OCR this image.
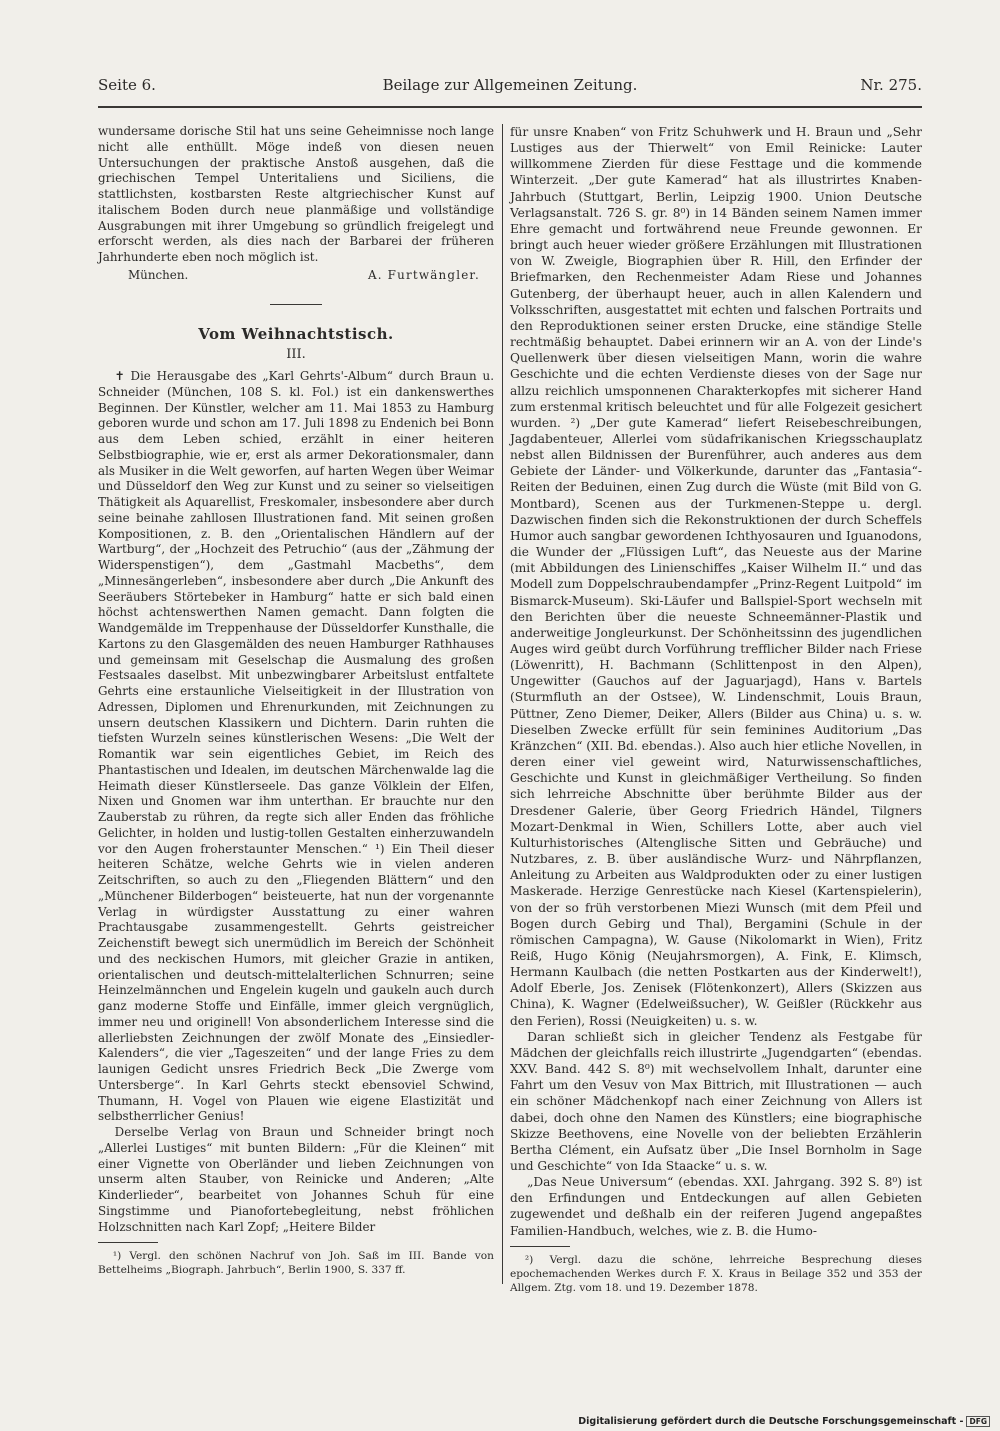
Seite 6.	Beilage zur Allgemeinen Zeitung.	Nr. 275.

wundersame dorische Stil hat uns seine Geheimnisse noch lange nicht alle enthüllt. Möge indeß von diesen neuen Untersuchungen der praktische Anstoß ausgehen, daß die griechischen Tempel Unteritaliens und Siciliens, die stattlichsten, kostbarsten Reste altgriechischer Kunst auf italischem Boden durch neue planmäßige und vollständige Ausgrabungen mit ihrer Umgebung so gründlich freigelegt und erforscht werden, als dies nach der Barbarei der früheren Jahrhunderte eben noch möglich ist.

München.	A. Furtwängler.
Vom Weihnachtstisch.
III.

✝ Die Herausgabe des „Karl Gehrts'-Album“ durch Braun u. Schneider (München, 108 S. kl. Fol.) ist ein dankenswerthes Beginnen. Der Künstler, welcher am 11. Mai 1853 zu Hamburg geboren wurde und schon am 17. Juli 1898 zu Endenich bei Bonn aus dem Leben schied, erzählt in einer heiteren Selbstbiographie, wie er, erst als armer Dekorationsmaler, dann als Musiker in die Welt geworfen, auf harten Wegen über Weimar und Düsseldorf den Weg zur Kunst und zu seiner so vielseitigen Thätigkeit als Aquarellist, Freskomaler, insbesondere aber durch seine beinahe zahllosen Illustrationen fand. Mit seinen großen Kompositionen, z. B. den „Orientalischen Händlern auf der Wartburg“, der „Hochzeit des Petruchio“ (aus der „Zähmung der Widerspenstigen“), dem „Gastmahl Macbeths“, dem „Minnesängerleben“, insbesondere aber durch „Die Ankunft des Seeräubers Störtebeker in Hamburg“ hatte er sich bald einen höchst achtenswerthen Namen gemacht. Dann folgten die Wandgemälde im Treppenhause der Düsseldorfer Kunsthalle, die Kartons zu den Glasgemälden des neuen Hamburger Rathhauses und gemeinsam mit Geselschap die Ausmalung des großen Festsaales daselbst. Mit unbezwingbarer Arbeitslust entfaltete Gehrts eine erstaunliche Vielseitigkeit in der Illustration von Adressen, Diplomen und Ehrenurkunden, mit Zeichnungen zu unsern deutschen Klassikern und Dichtern. Darin ruhten die tiefsten Wurzeln seines künstlerischen Wesens: „Die Welt der Romantik war sein eigentliches Gebiet, im Reich des Phantastischen und Idealen, im deutschen Märchenwalde lag die Heimath dieser Künstlerseele. Das ganze Völklein der Elfen, Nixen und Gnomen war ihm unterthan. Er brauchte nur den Zauberstab zu rühren, da regte sich aller Enden das fröhliche Gelichter, in holden und lustig-tollen Gestalten einherzuwandeln vor den Augen froherstaunter Menschen.“ ¹) Ein Theil dieser heiteren Schätze, welche Gehrts wie in vielen anderen Zeitschriften, so auch zu den „Fliegenden Blättern“ und den „Münchener Bilderbogen“ beisteuerte, hat nun der vorgenannte Verlag in würdigster Ausstattung zu einer wahren Prachtausgabe zusammengestellt. Gehrts geistreicher Zeichenstift bewegt sich unermüdlich im Bereich der Schönheit und des neckischen Humors, mit gleicher Grazie in antiken, orientalischen und deutsch-mittelalterlichen Schnurren; seine Heinzelmännchen und Engelein kugeln und gaukeln auch durch ganz moderne Stoffe und Einfälle, immer gleich vergnüglich, immer neu und originell! Von absonderlichem Interesse sind die allerliebsten Zeichnungen der zwölf Monate des „Einsiedler-Kalenders“, die vier „Tageszeiten“ und der lange Fries zu dem launigen Gedicht unsres Friedrich Beck „Die Zwerge vom Untersberge“. In Karl Gehrts steckt ebensoviel Schwind, Thumann, H. Vogel von Plauen wie eigene Elastizität und selbstherrlicher Genius!

Derselbe Verlag von Braun und Schneider bringt noch „Allerlei Lustiges“ mit bunten Bildern: „Für die Kleinen“ mit einer Vignette von Oberländer und lieben Zeichnungen von unserm alten Stauber, von Reinicke und Anderen; „Alte Kinderlieder“, bearbeitet von Johannes Schuh für eine Singstimme und Pianofortebegleitung, nebst fröhlichen Holzschnitten nach Karl Zopf; „Heitere Bilder

¹) Vergl. den schönen Nachruf von Joh. Saß im III. Bande von Bettelheims „Biograph. Jahrbuch“, Berlin 1900, S. 337 ff.

für unsre Knaben“ von Fritz Schuhwerk und H. Braun und „Sehr Lustiges aus der Thierwelt“ von Emil Reinicke: Lauter willkommene Zierden für diese Festtage und die kommende Winterzeit. „Der gute Kamerad“ hat als illustrirtes Knaben-Jahrbuch (Stuttgart, Berlin, Leipzig 1900. Union Deutsche Verlagsanstalt. 726 S. gr. 8⁰) in 14 Bänden seinem Namen immer Ehre gemacht und fortwährend neue Freunde gewonnen. Er bringt auch heuer wieder größere Erzählungen mit Illustrationen von W. Zweigle, Biographien über R. Hill, den Erfinder der Briefmarken, den Rechenmeister Adam Riese und Johannes Gutenberg, der überhaupt heuer, auch in allen Kalendern und Volksschriften, ausgestattet mit echten und falschen Portraits und den Reproduktionen seiner ersten Drucke, eine ständige Stelle rechtmäßig behauptet. Dabei erinnern wir an A. von der Linde's Quellenwerk über diesen vielseitigen Mann, worin die wahre Geschichte und die echten Verdienste dieses von der Sage nur allzu reichlich umsponnenen Charakterkopfes mit sicherer Hand zum erstenmal kritisch beleuchtet und für alle Folgezeit gesichert wurden. ²) „Der gute Kamerad“ liefert Reisebeschreibungen, Jagdabenteuer, Allerlei vom südafrikanischen Kriegsschauplatz nebst allen Bildnissen der Burenführer, auch anderes aus dem Gebiete der Länder- und Völkerkunde, darunter das „Fantasia“-Reiten der Beduinen, einen Zug durch die Wüste (mit Bild von G. Montbard), Scenen aus der Turkmenen-Steppe u. dergl. Dazwischen finden sich die Rekonstruktionen der durch Scheffels Humor auch sangbar gewordenen Ichthyosauren und Iguanodons, die Wunder der „Flüssigen Luft“, das Neueste aus der Marine (mit Abbildungen des Linienschiffes „Kaiser Wilhelm II.“ und das Modell zum Doppelschraubendampfer „Prinz-Regent Luitpold“ im Bismarck-Museum). Ski-Läufer und Ballspiel-Sport wechseln mit den Berichten über die neueste Schneemänner-Plastik und anderweitige Jongleurkunst. Der Schönheitssinn des jugendlichen Auges wird geübt durch Vorführung trefflicher Bilder nach Friese (Löwenritt), H. Bachmann (Schlittenpost in den Alpen), Ungewitter (Gauchos auf der Jaguarjagd), Hans v. Bartels (Sturmfluth an der Ostsee), W. Lindenschmit, Louis Braun, Püttner, Zeno Diemer, Deiker, Allers (Bilder aus China) u. s. w. Dieselben Zwecke erfüllt für sein feminines Auditorium „Das Kränzchen“ (XII. Bd. ebendas.). Also auch hier etliche Novellen, in deren einer viel geweint wird, Naturwissenschaftliches, Geschichte und Kunst in gleichmäßiger Vertheilung. So finden sich lehrreiche Abschnitte über berühmte Bilder aus der Dresdener Galerie, über Georg Friedrich Händel, Tilgners Mozart-Denkmal in Wien, Schillers Lotte, aber auch viel Kulturhistorisches (Altenglische Sitten und Gebräuche) und Nutzbares, z. B. über ausländische Wurz- und Nährpflanzen, Anleitung zu Arbeiten aus Waldprodukten oder zu einer lustigen Maskerade. Herzige Genrestücke nach Kiesel (Kartenspielerin), von der so früh verstorbenen Miezi Wunsch (mit dem Pfeil und Bogen durch Gebirg und Thal), Bergamini (Schule in der römischen Campagna), W. Gause (Nikolomarkt in Wien), Fritz Reiß, Hugo König (Neujahrsmorgen), A. Fink, E. Klimsch, Hermann Kaulbach (die netten Postkarten aus der Kinderwelt!), Adolf Eberle, Jos. Zenisek (Flötenkonzert), Allers (Skizzen aus China), K. Wagner (Edelweißsucher), W. Geißler (Rückkehr aus den Ferien), Rossi (Neuigkeiten) u. s. w.

Daran schließt sich in gleicher Tendenz als Festgabe für Mädchen der gleichfalls reich illustrirte „Jugendgarten“ (ebendas. XXV. Band. 442 S. 8⁰) mit wechselvollem Inhalt, darunter eine Fahrt um den Vesuv von Max Bittrich, mit Illustrationen — auch ein schöner Mädchenkopf nach einer Zeichnung von Allers ist dabei, doch ohne den Namen des Künstlers; eine biographische Skizze Beethovens, eine Novelle von der beliebten Erzählerin Bertha Clément, ein Aufsatz über „Die Insel Bornholm in Sage und Geschichte“ von Ida Staacke“ u. s. w.

„Das Neue Universum“ (ebendas. XXI. Jahrgang. 392 S. 8⁰) ist den Erfindungen und Entdeckungen auf allen Gebieten zugewendet und deßhalb ein der reiferen Jugend angepaßtes Familien-Handbuch, welches, wie z. B. die Humo-

²) Vergl. dazu die schöne, lehrreiche Besprechung dieses epochemachenden Werkes durch F. X. Kraus in Beilage 352 und 353 der Allgem. Ztg. vom 18. und 19. Dezember 1878.

Digitalisierung gefördert durch die Deutsche Forschungsgemeinschaft - DFG
